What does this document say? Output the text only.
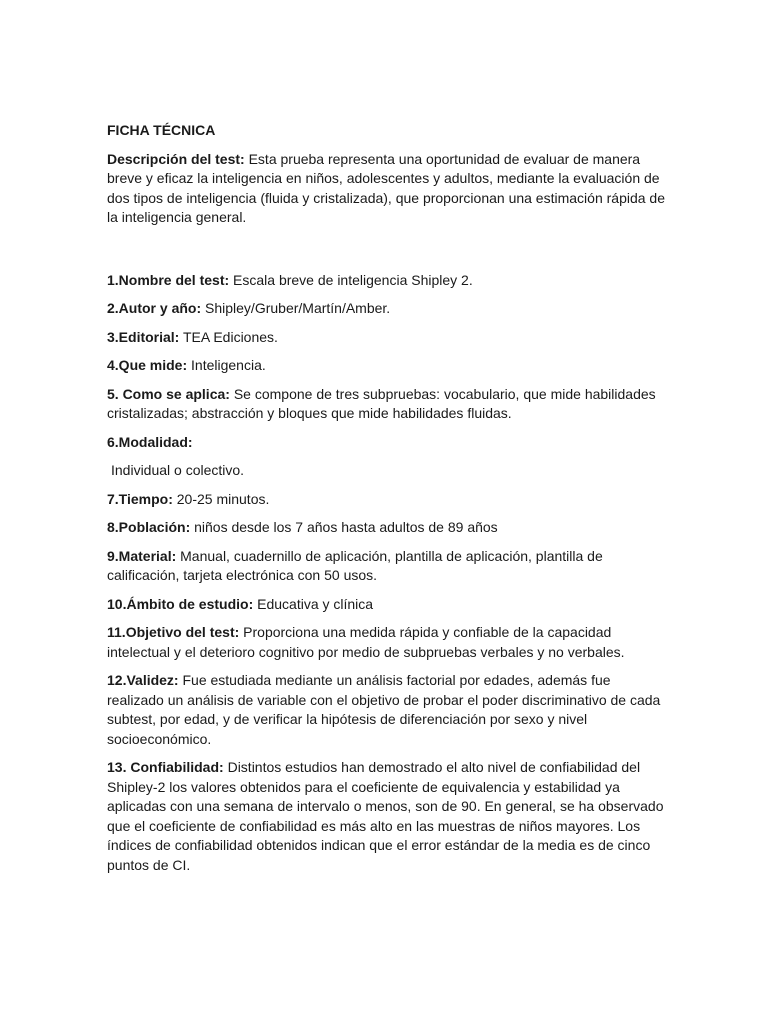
FICHA TÉCNICA

Descripción del test: Esta prueba representa una oportunidad de evaluar de manera breve y eficaz la inteligencia en niños, adolescentes y adultos, mediante la evaluación de dos tipos de inteligencia (fluida y cristalizada), que proporcionan una estimación rápida de la inteligencia general.

1.Nombre del test: Escala breve de inteligencia Shipley 2.

2.Autor y año: Shipley/Gruber/Martín/Amber.

3.Editorial: TEA Ediciones.

4.Que mide: Inteligencia.

5. Como se aplica: Se compone de tres subpruebas: vocabulario, que mide habilidades cristalizadas; abstracción y bloques que mide habilidades fluidas.

6.Modalidad:

Individual o colectivo.

7.Tiempo: 20-25 minutos.

8.Población: niños desde los 7 años hasta adultos de 89 años

9.Material: Manual, cuadernillo de aplicación, plantilla de aplicación, plantilla de calificación, tarjeta electrónica con 50 usos.

10.Ámbito de estudio: Educativa y clínica

11.Objetivo del test: Proporciona una medida rápida y confiable de la capacidad intelectual y el deterioro cognitivo por medio de subpruebas verbales y no verbales.

12.Validez: Fue estudiada mediante un análisis factorial por edades, además fue realizado un análisis de variable con el objetivo de probar el poder discriminativo de cada subtest, por edad, y de verificar la hipótesis de diferenciación por sexo y nivel socioeconómico.

13. Confiabilidad: Distintos estudios han demostrado el alto nivel de confiabilidad del Shipley-2 los valores obtenidos para el coeficiente de equivalencia y estabilidad ya aplicadas con una semana de intervalo o menos, son de 90. En general, se ha observado que el coeficiente de confiabilidad es más alto en las muestras de niños mayores. Los índices de confiabilidad obtenidos indican que el error estándar de la media es de cinco puntos de CI.
